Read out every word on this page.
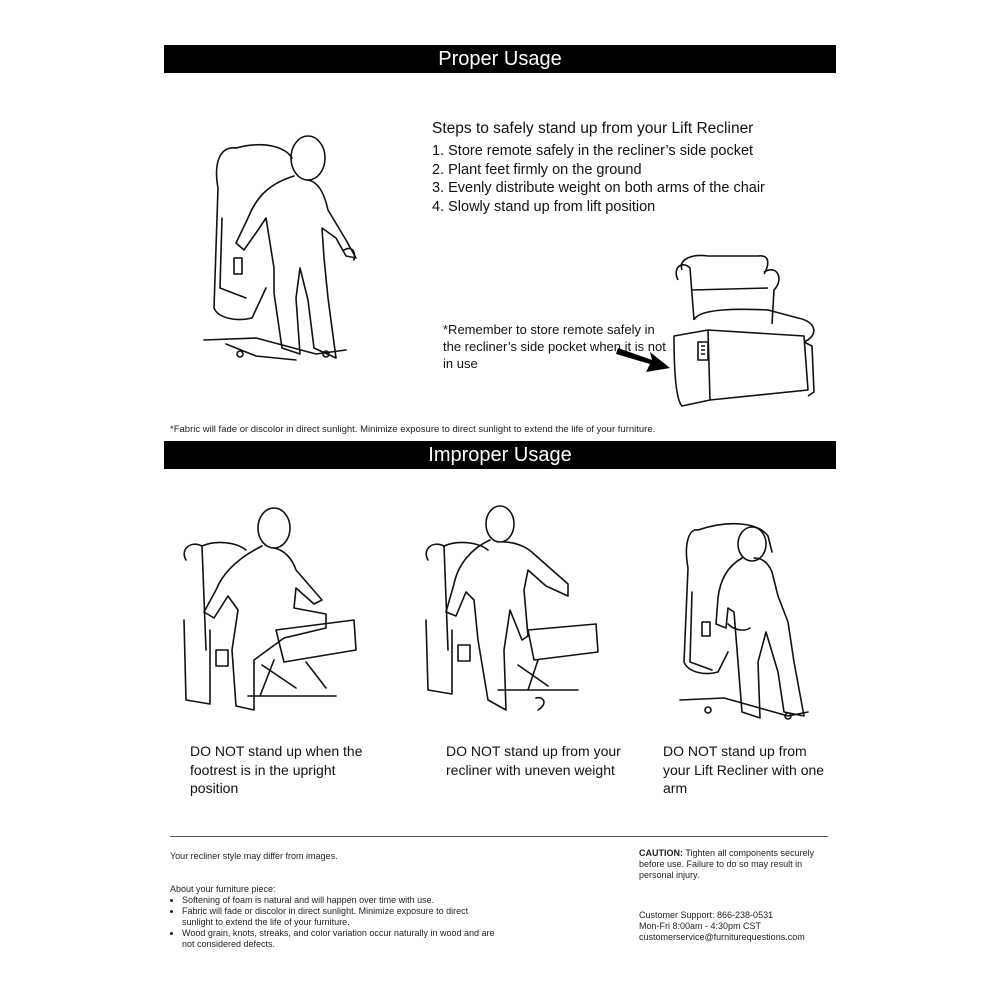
Proper Usage
Improper Usage
Steps to safely stand up from your Lift Recliner
1. Store remote safely in the recliner’s side pocket
2. Plant feet firmly on the ground
3. Evenly distribute weight on both arms of the chair
4. Slowly stand up from lift position
*Remember to store remote safely in the recliner’s side pocket when it is not in use
*Fabric will fade or discolor in direct sunlight. Minimize exposure to direct sunlight to extend the life of your furniture.
DO NOT stand up when the footrest is in the upright position
DO NOT stand up from your recliner with uneven weight
DO NOT stand up from your Lift Recliner with one arm
Your recliner style may differ from images.
About your furniture piece:
• Softening of foam is natural and will happen over time with use.
• Fabric will fade or discolor in direct sunlight. Minimize exposure to direct sunlight to extend the life of your furniture.
• Wood grain, knots, streaks, and color variation occur naturally in wood and are not considered defects.
CAUTION: Tighten all components securely before use. Failure to do so may result in personal injury.
Customer Support: 866-238-0531
Mon-Fri 8:00am - 4:30pm CST
customerservice@furniturequestions.com
